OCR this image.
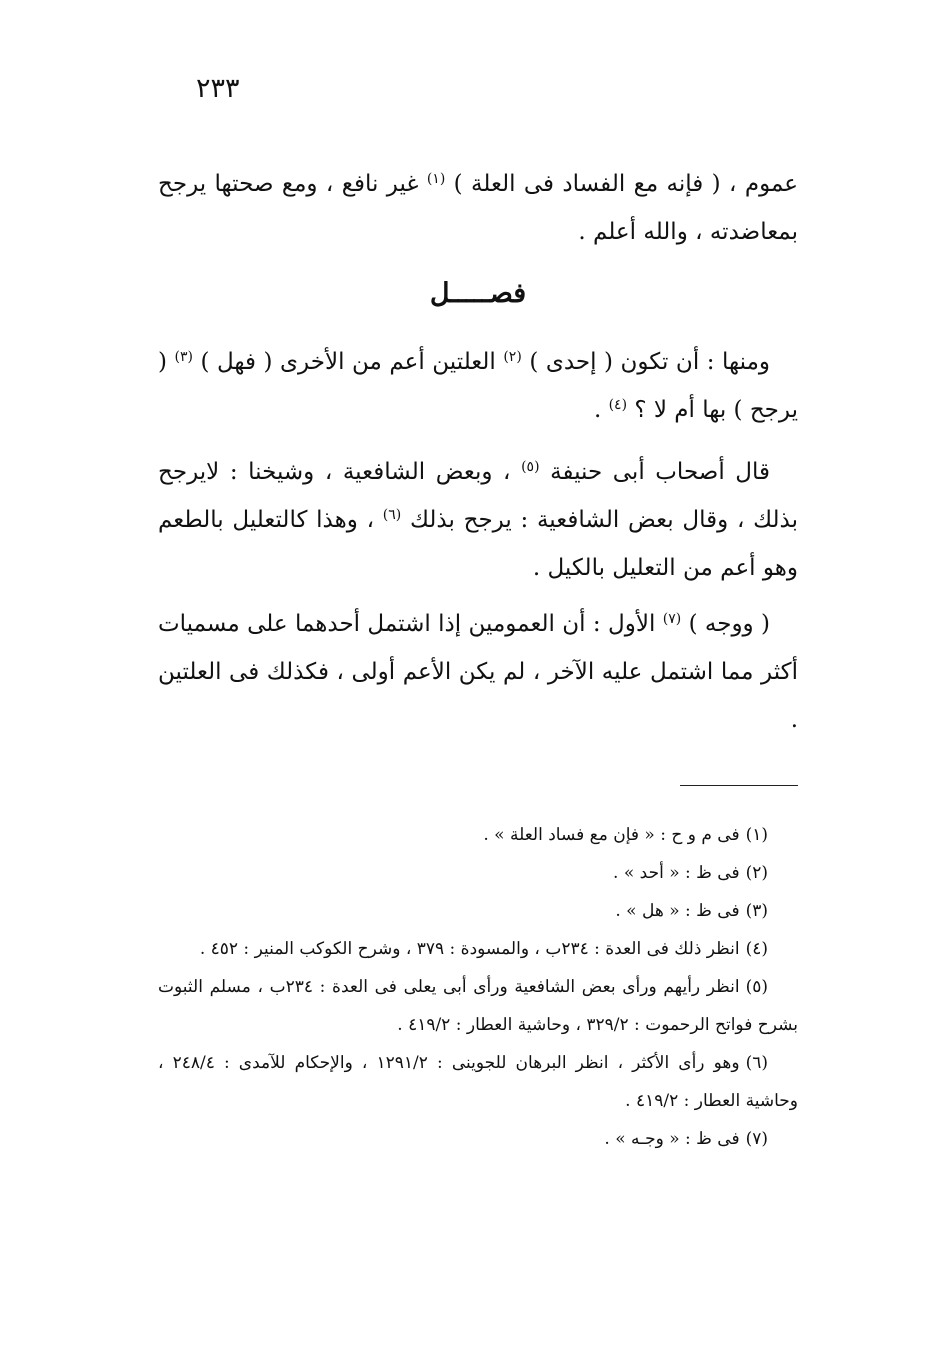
٢٣٣
عموم ، ( فإنه مع الفساد فى العلة ) $^{(١)}$ غير نافع ، ومع صحتها يرجح بمعاضدته ، والله أعلم .
فصـــــل
ومنها : أن تكون ( إحدى ) $^{(٢)}$ العلتين أعم من الأخرى ( فهل ) $^{(٣)}$ ( يرجح ) بها أم لا ؟ $^{(٤)}$ .
قال أصحاب أبى حنيفة $^{(٥)}$ ، وبعض الشافعية ، وشيخنا : لايرجح بذلك ، وقال بعض الشافعية : يرجح بذلك $^{(٦)}$ ، وهذا كالتعليل بالطعم وهو أعم من التعليل بالكيل .
( ووجه ) $^{(٧)}$ الأول : أن العمومين إذا اشتمل أحدهما على مسميات أكثر مما اشتمل عليه الآخر ، لم يكن الأعم أولى ، فكذلك فى العلتين .

(١)فى م و ح : « فإن مع فساد العلة » .

(٢)فى ظ : « أحد » .

(٣)فى ظ : « هل » .

(٤)انظر ذلك فى العدة : ٢٣٤ب ، والمسودة : ٣٧٩ ، وشرح الكوكب المنير : ٤٥٢ .

(٥)انظر رأيهم ورأى بعض الشافعية ورأى أبى يعلى فى العدة : ٢٣٤ب ، مسلم الثبوت بشرح فواتح الرحموت : ٣٢٩/٢ ، وحاشية العطار : ٤١٩/٢ .

(٦)وهو رأى الأكثر ، انظر البرهان للجوينى : ١٢٩١/٢ ، والإحكام للآمدى : ٢٤٨/٤ ، وحاشية العطار : ٤١٩/٢ .

(٧)فى ظ : « وجـه » .
